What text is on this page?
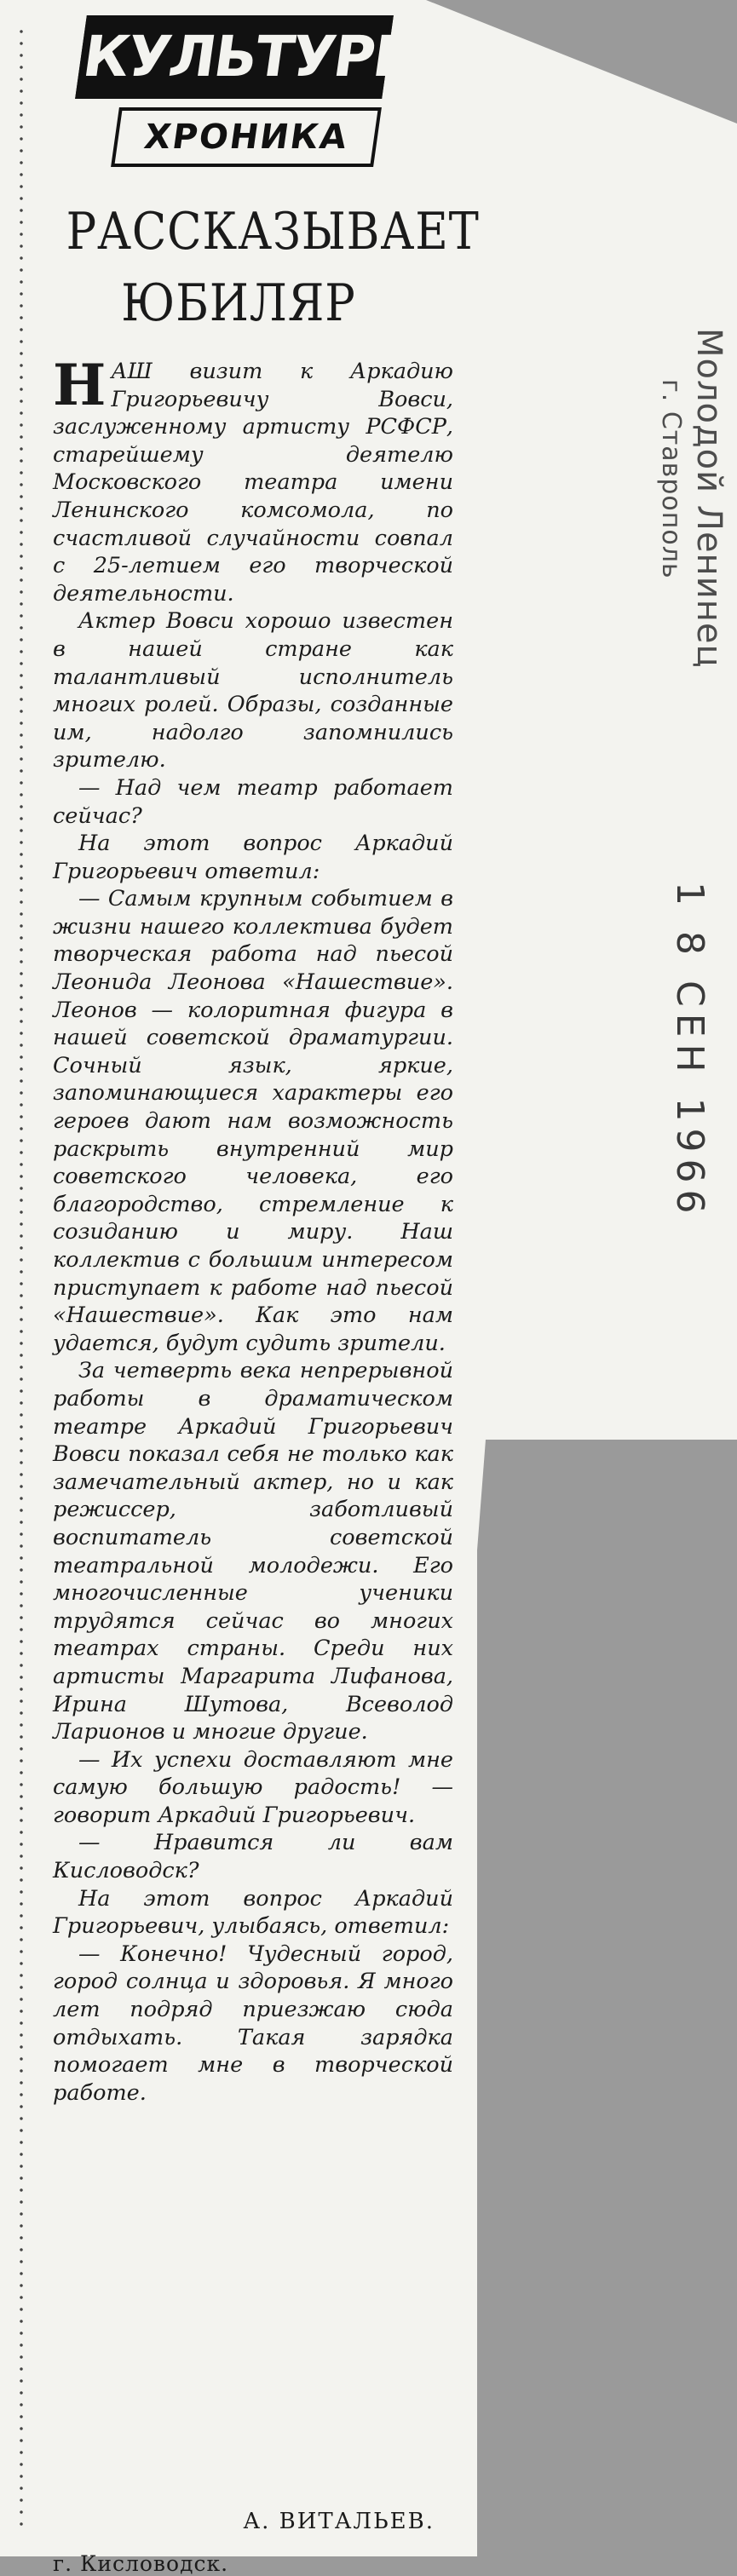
КУЛЬТУРНАЯ
ХРОНИКА
РАССКАЗЫВАЕТ
ЮБИЛЯР

НАШ визит к Аркадию Григорьевичу Вовси, заслуженному артисту РСФСР, старейшему деятелю Московского театра имени Ленинского комсомола, по счастливой случайности совпал с 25-летием его творческой деятельности.

Актер Вовси хорошо известен в нашей стране как талантливый исполнитель многих ролей. Образы, созданные им, надолго запомнились зрителю.

— Над чем театр работает сейчас?

На этот вопрос Аркадий Григорьевич ответил:

— Самым крупным событием в жизни нашего коллектива будет творческая работа над пьесой Леонида Леонова «Нашествие». Леонов — колоритная фигура в нашей советской драматургии. Сочный язык, яркие, запоминающиеся характеры его героев дают нам возможность раскрыть внутренний мир советского человека, его благородство, стремление к созиданию и миру. Наш коллектив с большим интересом приступает к работе над пьесой «Нашествие». Как это нам удается, будут судить зрители.

За четверть века непрерывной работы в драматическом театре Аркадий Григорьевич Вовси показал себя не только как замечательный актер, но и как режиссер, заботливый воспитатель советской театральной молодежи. Его многочисленные ученики трудятся сейчас во многих театрах страны. Среди них артисты Маргарита Лифанова, Ирина Шутова, Всеволод Ларионов и многие другие.

— Их успехи доставляют мне самую большую радость! — говорит Аркадий Григорьевич.

— Нравится ли вам Кисловодск?

На этот вопрос Аркадий Григорьевич, улыбаясь, ответил:

— Конечно! Чудесный город, город солнца и здоровья. Я много лет подряд приезжаю сюда отдыхать. Такая зарядка помогает мне в творческой работе.

А. ВИТАЛЬЕВ.
г. Кисловодск.
Молодой Ленинец
г. Ставрополь
1 8 СЕН 1966
